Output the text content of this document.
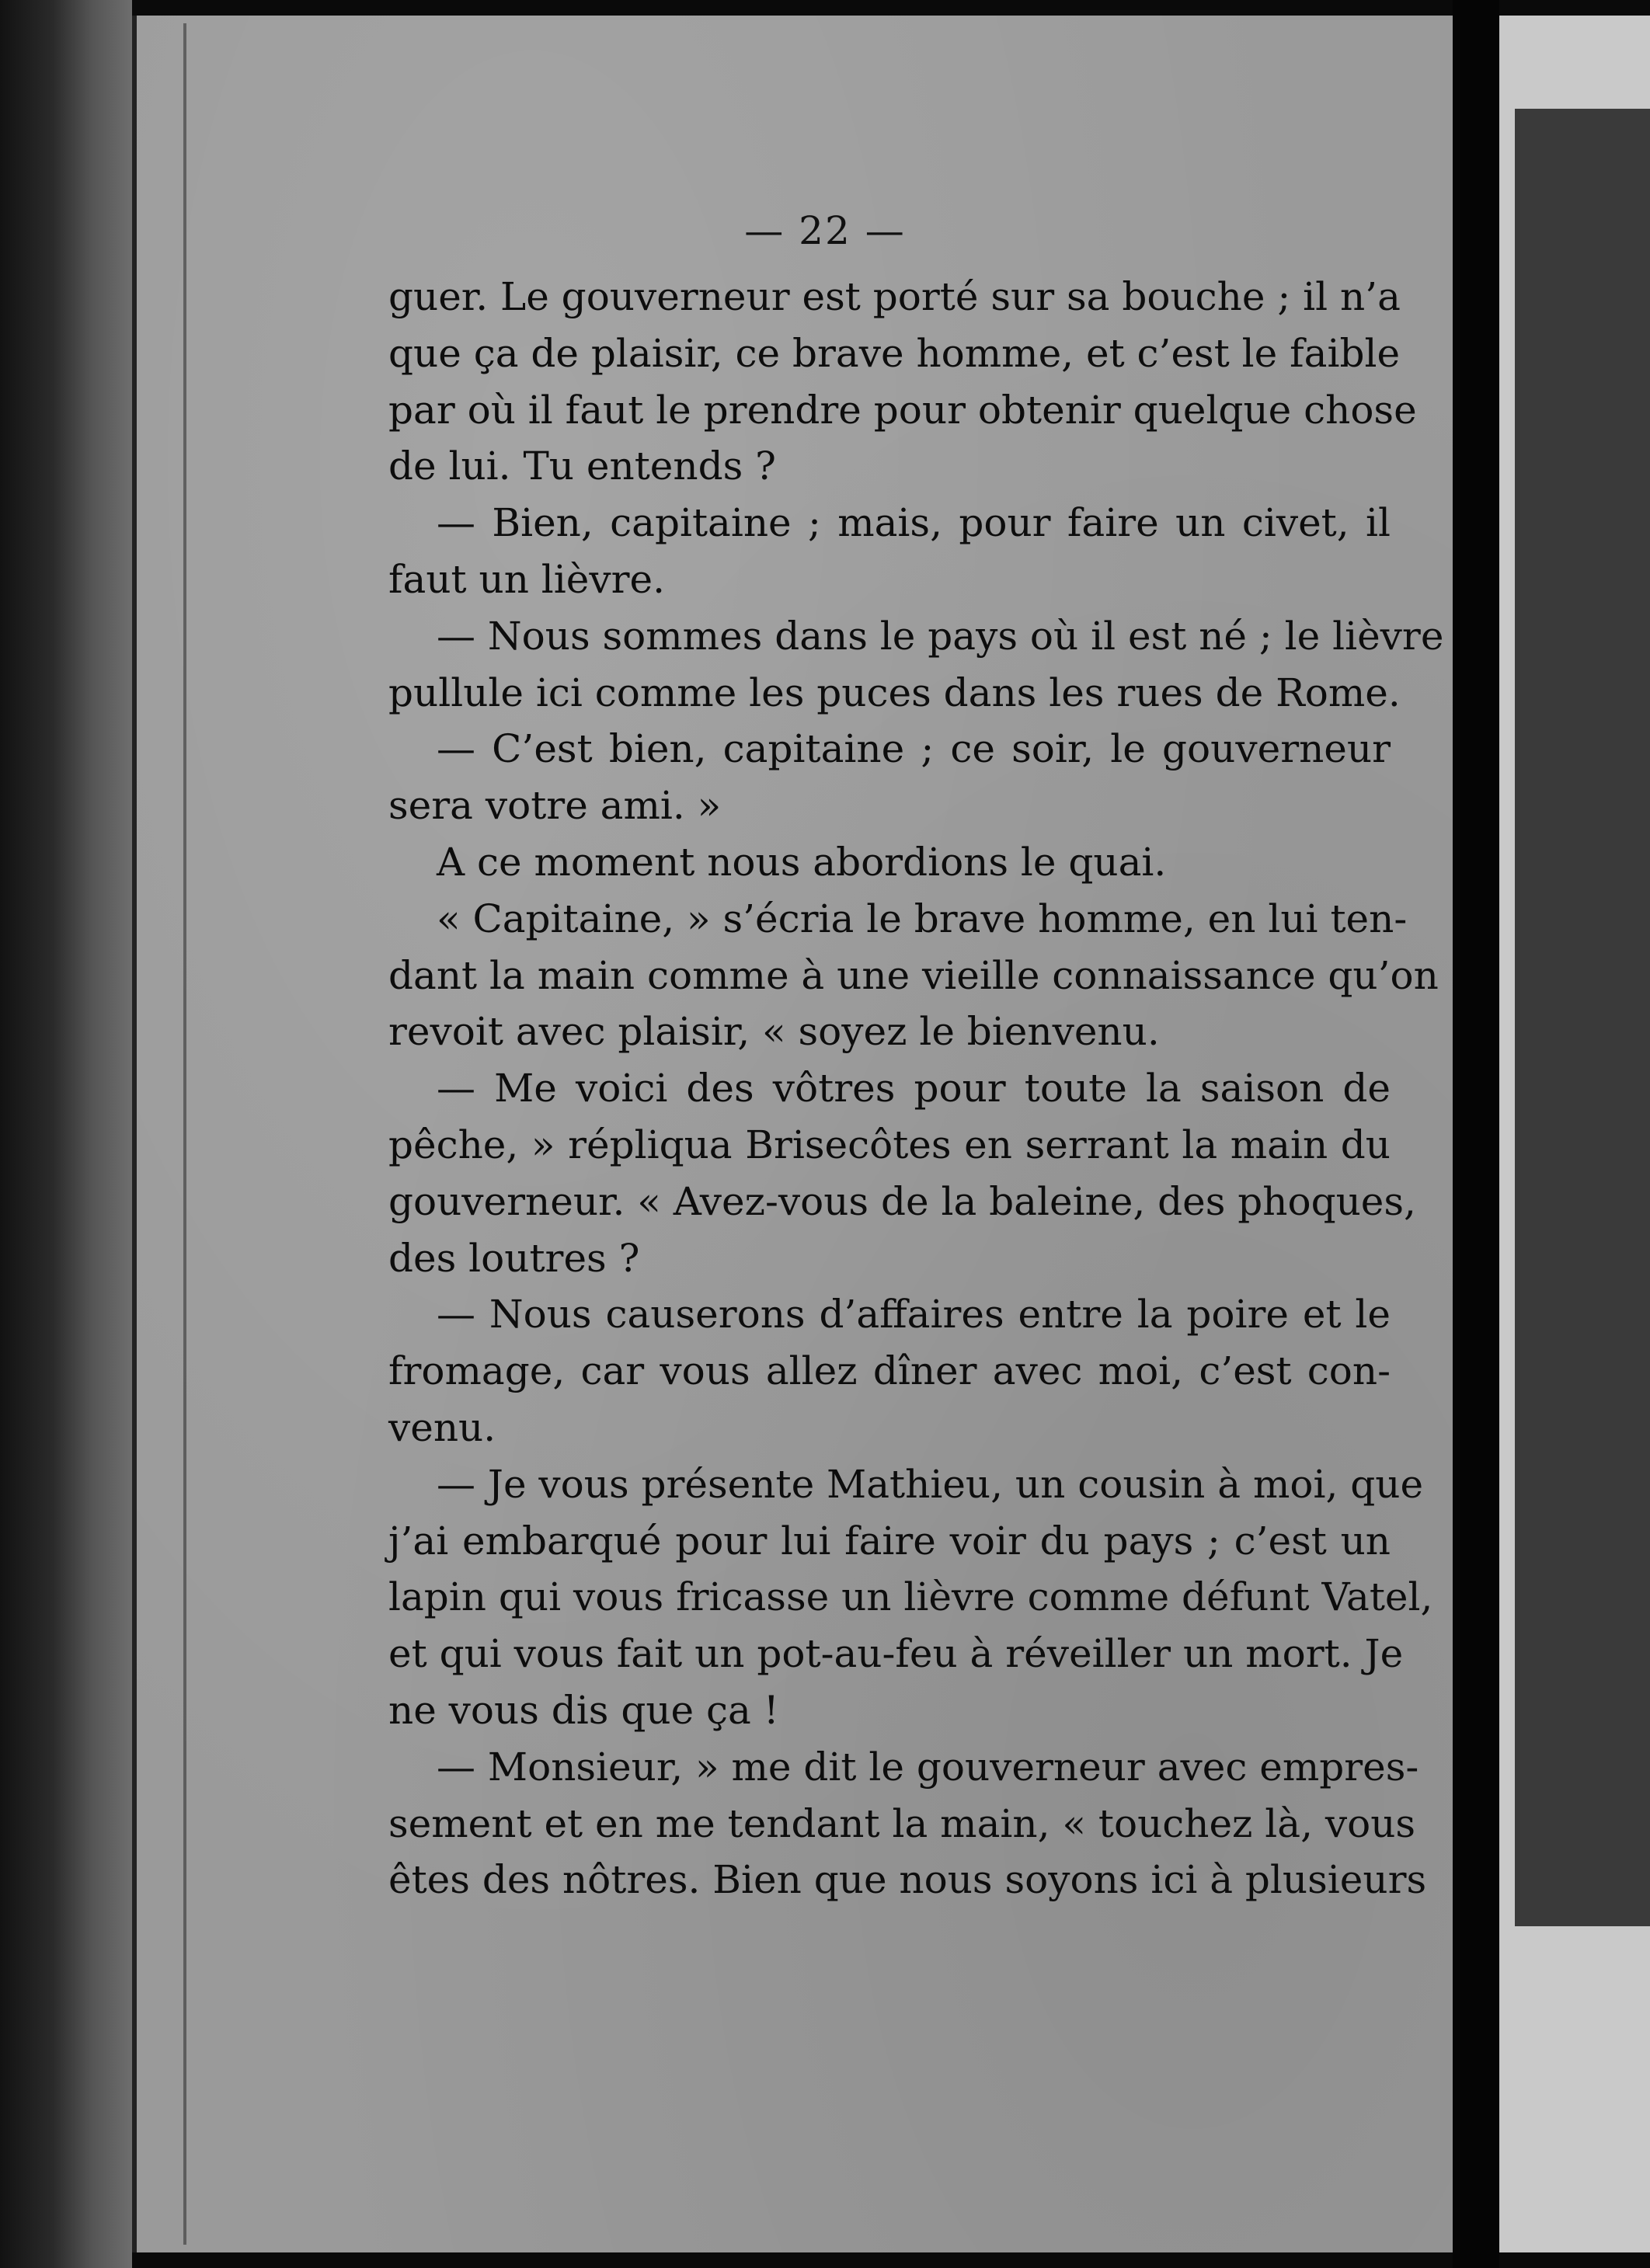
— 22 —
guer. Le gouverneur est porté sur sa bouche ; il n’a
que ça de plaisir, ce brave homme, et c’est le faible
par où il faut le prendre pour obtenir quelque chose
de lui. Tu entends ?
— Bien, capitaine ; mais, pour faire un civet, il
faut un lièvre.
— Nous sommes dans le pays où il est né ; le lièvre
pullule ici comme les puces dans les rues de Rome.
— C’est bien, capitaine ; ce soir, le gouverneur
sera votre ami. »
A ce moment nous abordions le quai.
« Capitaine, » s’écria le brave homme, en lui ten-
dant la main comme à une vieille connaissance qu’on
revoit avec plaisir, « soyez le bienvenu.
— Me voici des vôtres pour toute la saison de
pêche, » répliqua Brisecôtes en serrant la main du
gouverneur. « Avez-vous de la baleine, des phoques,
des loutres ?
— Nous causerons d’affaires entre la poire et le
fromage, car vous allez dîner avec moi, c’est con-
venu.
— Je vous présente Mathieu, un cousin à moi, que
j’ai embarqué pour lui faire voir du pays ; c’est un
lapin qui vous fricasse un lièvre comme défunt Vatel,
et qui vous fait un pot-au-feu à réveiller un mort. Je
ne vous dis que ça !
— Monsieur, » me dit le gouverneur avec empres-
sement et en me tendant la main, « touchez là, vous
êtes des nôtres. Bien que nous soyons ici à plusieurs
